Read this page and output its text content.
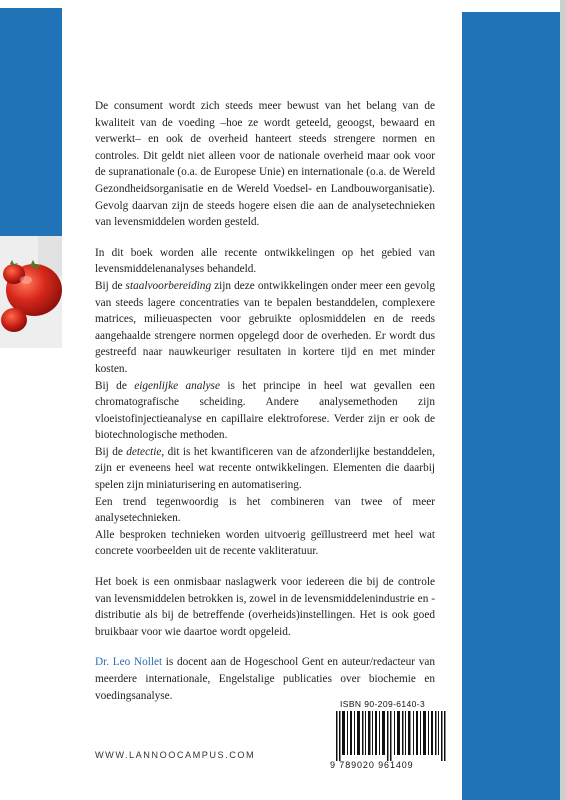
De consument wordt zich steeds meer bewust van het belang van de kwaliteit van de voeding –hoe ze wordt geteeld, geoogst, bewaard en verwerkt– en ook de overheid hanteert steeds strengere normen en controles. Dit geldt niet alleen voor de nationale overheid maar ook voor de supranationale (o.a. de Europese Unie) en internationale (o.a. de Wereld Gezondheidsorganisatie en de Wereld Voedsel- en Landbouworganisatie). Gevolg daarvan zijn de steeds hogere eisen die aan de analysetechnieken van levensmiddelen worden gesteld.

In dit boek worden alle recente ontwikkelingen op het gebied van levensmiddelenanalyses behandeld.

Bij de staalvoorbereiding zijn deze ontwikkelingen onder meer een gevolg van steeds lagere concentraties van te bepalen bestanddelen, complexere matrices, milieuaspecten voor gebruikte oplosmiddelen en de reeds aangehaalde strengere normen opgelegd door de overheden. Er wordt dus gestreefd naar nauwkeuriger resultaten in kortere tijd en met minder kosten.

Bij de eigenlijke analyse is het principe in heel wat gevallen een chromatografische scheiding. Andere analysemethoden zijn vloeistofinjectieanalyse en capillaire elektroforese. Verder zijn er ook de biotechnologische methoden.

Bij de detectie, dit is het kwantificeren van de afzonderlijke bestanddelen, zijn er eveneens heel wat recente ontwikkelingen. Elementen die daarbij spelen zijn miniaturisering en automatisering.

Een trend tegenwoordig is het combineren van twee of meer analysetechnieken.

Alle besproken technieken worden uitvoerig geïllustreerd met heel wat concrete voorbeelden uit de recente vakliteratuur.

Het boek is een onmisbaar naslagwerk voor iedereen die bij de controle van levensmiddelen betrokken is, zowel in de levensmiddelenindustrie en -distributie als bij de betreffende (overheids)instellingen. Het is ook goed bruikbaar voor wie daartoe wordt opgeleid.

Dr. Leo Nollet is docent aan de Hogeschool Gent en auteur/redacteur van meerdere internationale, Engelstalige publicaties over biochemie en voedingsanalyse.

WWW.LANNOOCAMPUS.COM
ISBN 90-209-6140-3
9 789020 961409
